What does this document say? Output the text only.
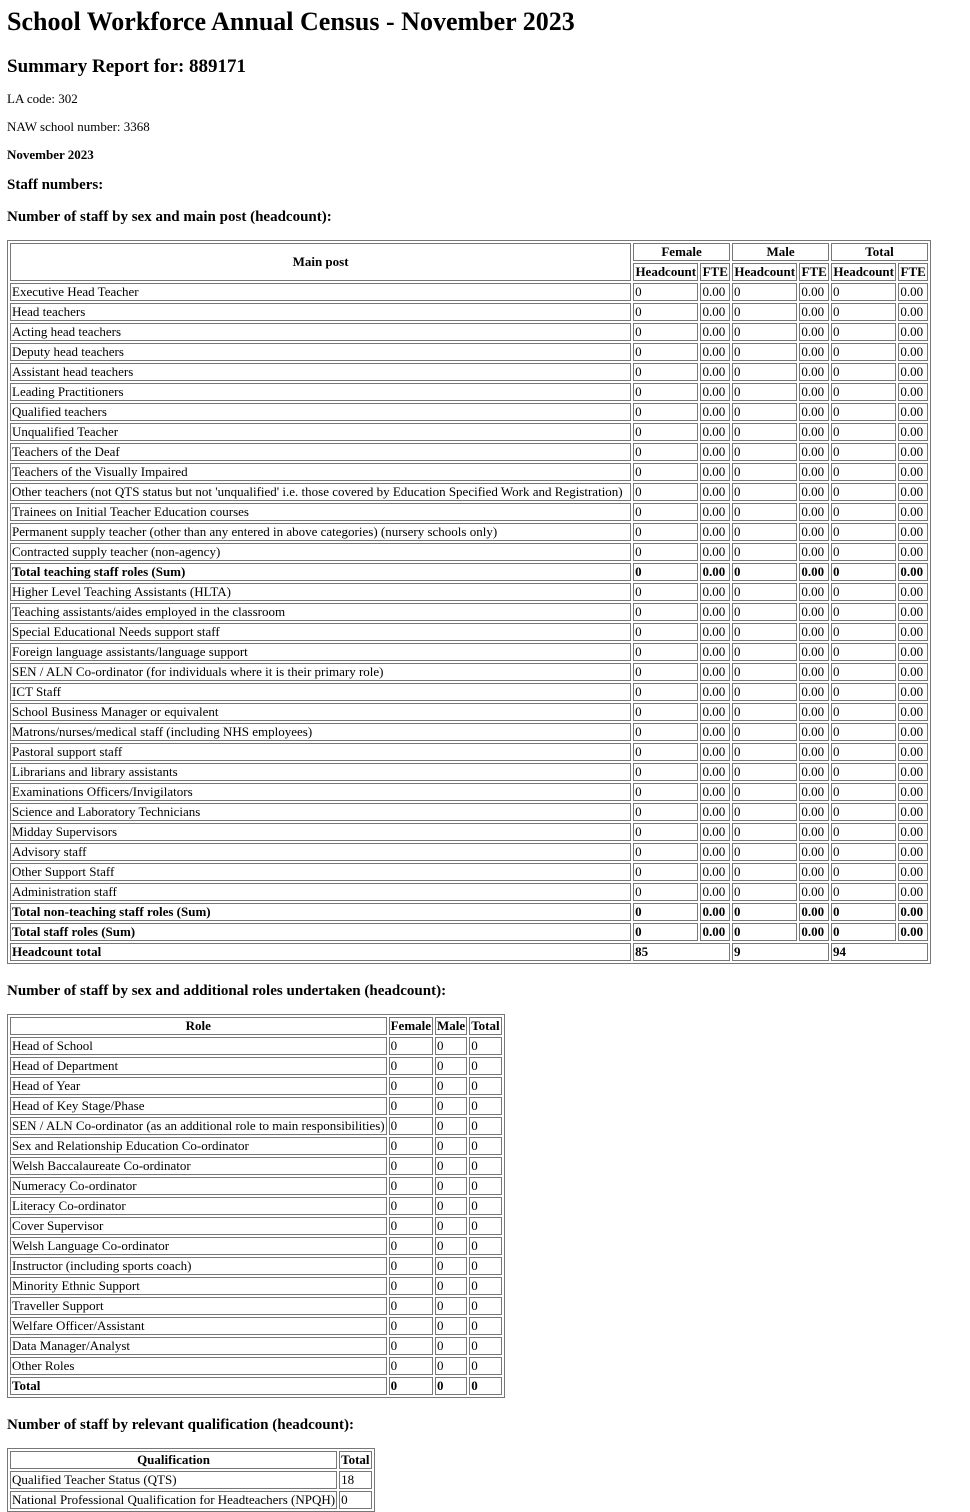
School Workforce Annual Census - November 2023
Summary Report for: 889171

LA code: 302

NAW school number: 3368

November 2023

Staff numbers:
Number of staff by sex and main post (headcount):
Main post	Female		Male		Total	
	Headcount	FTE	Headcount	FTE	Headcount	FTE
Executive Head Teacher	0	0.00	0	0.00	0	0.00
Head teachers	0	0.00	0	0.00	0	0.00
Acting head teachers	0	0.00	0	0.00	0	0.00
Deputy head teachers	0	0.00	0	0.00	0	0.00
Assistant head teachers	0	0.00	0	0.00	0	0.00
Leading Practitioners	0	0.00	0	0.00	0	0.00
Qualified teachers	0	0.00	0	0.00	0	0.00
Unqualified Teacher	0	0.00	0	0.00	0	0.00
Teachers of the Deaf	0	0.00	0	0.00	0	0.00
Teachers of the Visually Impaired	0	0.00	0	0.00	0	0.00
Other teachers (not QTS status but not 'unqualified' i.e. those covered by Education Specified Work and Registration)	0	0.00	0	0.00	0	0.00
Trainees on Initial Teacher Education courses	0	0.00	0	0.00	0	0.00
Permanent supply teacher (other than any entered in above categories) (nursery schools only)	0	0.00	0	0.00	0	0.00
Contracted supply teacher (non-agency)	0	0.00	0	0.00	0	0.00
Total teaching staff roles (Sum)	0	0.00	0	0.00	0	0.00
Higher Level Teaching Assistants (HLTA)	0	0.00	0	0.00	0	0.00
Teaching assistants/aides employed in the classroom	0	0.00	0	0.00	0	0.00
Special Educational Needs support staff	0	0.00	0	0.00	0	0.00
Foreign language assistants/language support	0	0.00	0	0.00	0	0.00
SEN / ALN Co-ordinator (for individuals where it is their primary role)	0	0.00	0	0.00	0	0.00
ICT Staff	0	0.00	0	0.00	0	0.00
School Business Manager or equivalent	0	0.00	0	0.00	0	0.00
Matrons/nurses/medical staff (including NHS employees)	0	0.00	0	0.00	0	0.00
Pastoral support staff	0	0.00	0	0.00	0	0.00
Librarians and library assistants	0	0.00	0	0.00	0	0.00
Examinations Officers/Invigilators	0	0.00	0	0.00	0	0.00
Science and Laboratory Technicians	0	0.00	0	0.00	0	0.00
Midday Supervisors	0	0.00	0	0.00	0	0.00
Advisory staff	0	0.00	0	0.00	0	0.00
Other Support Staff	0	0.00	0	0.00	0	0.00
Administration staff	0	0.00	0	0.00	0	0.00
Total non-teaching staff roles (Sum)	0	0.00	0	0.00	0	0.00
Total staff roles (Sum)	0	0.00	0	0.00	0	0.00
Headcount total	85		9		94	
Number of staff by sex and additional roles undertaken (headcount):
Role	Female	Male	Total
Head of School	0	0	0
Head of Department	0	0	0
Head of Year	0	0	0
Head of Key Stage/Phase	0	0	0
SEN / ALN Co-ordinator (as an additional role to main responsibilities)	0	0	0
Sex and Relationship Education Co-ordinator	0	0	0
Welsh Baccalaureate Co-ordinator	0	0	0
Numeracy Co-ordinator	0	0	0
Literacy Co-ordinator	0	0	0
Cover Supervisor	0	0	0
Welsh Language Co-ordinator	0	0	0
Instructor (including sports coach)	0	0	0
Minority Ethnic Support	0	0	0
Traveller Support	0	0	0
Welfare Officer/Assistant	0	0	0
Data Manager/Analyst	0	0	0
Other Roles	0	0	0
Total	0	0	0
Number of staff by relevant qualification (headcount):
Qualification	Total
Qualified Teacher Status (QTS)	18
National Professional Qualification for Headteachers (NPQH)	0
